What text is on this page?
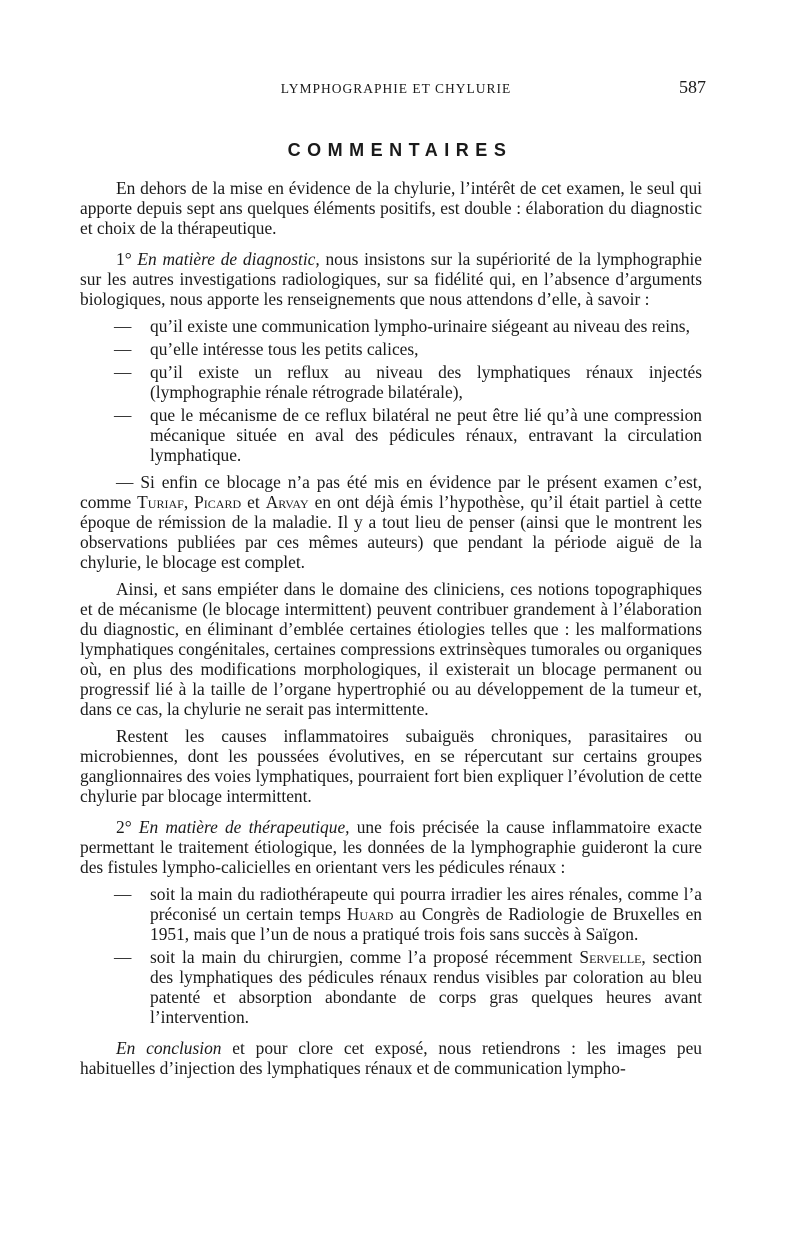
LYMPHOGRAPHIE ET CHYLURIE	587
COMMENTAIRES

En dehors de la mise en évidence de la chylurie, l’intérêt de cet examen, le seul qui apporte depuis sept ans quelques éléments positifs, est double : élaboration du diagnostic et choix de la thérapeutique.

1° En matière de diagnostic, nous insistons sur la supériorité de la lymphographie sur les autres investigations radiologiques, sur sa fidélité qui, en l’absence d’arguments biologiques, nous apporte les renseignements que nous attendons d’elle, à savoir :

— qu’il existe une communication lympho-urinaire siégeant au niveau des reins,
— qu’elle intéresse tous les petits calices,
— qu’il existe un reflux au niveau des lymphatiques rénaux injectés (lymphographie rénale rétrograde bilatérale),
— que le mécanisme de ce reflux bilatéral ne peut être lié qu’à une compression mécanique située en aval des pédicules rénaux, entravant la circulation lymphatique.

— Si enfin ce blocage n’a pas été mis en évidence par le présent examen c’est, comme Turiaf, Picard et Arvay en ont déjà émis l’hypothèse, qu’il était partiel à cette époque de rémission de la maladie. Il y a tout lieu de penser (ainsi que le montrent les observations publiées par ces mêmes auteurs) que pendant la période aiguë de la chylurie, le blocage est complet.

Ainsi, et sans empiéter dans le domaine des cliniciens, ces notions topographiques et de mécanisme (le blocage intermittent) peuvent contribuer grandement à l’élaboration du diagnostic, en éliminant d’emblée certaines étiologies telles que : les malformations lymphatiques congénitales, certaines compressions extrinsèques tumorales ou organiques où, en plus des modifications morphologiques, il existerait un blocage permanent ou progressif lié à la taille de l’organe hypertrophié ou au développement de la tumeur et, dans ce cas, la chylurie ne serait pas intermittente.

Restent les causes inflammatoires subaiguës chroniques, parasitaires ou microbiennes, dont les poussées évolutives, en se répercutant sur certains groupes ganglionnaires des voies lymphatiques, pourraient fort bien expliquer l’évolution de cette chylurie par blocage intermittent.

2° En matière de thérapeutique, une fois précisée la cause inflammatoire exacte permettant le traitement étiologique, les données de la lymphographie guideront la cure des fistules lympho-calicielles en orientant vers les pédicules rénaux :

— soit la main du radiothérapeute qui pourra irradier les aires rénales, comme l’a préconisé un certain temps Huard au Congrès de Radiologie de Bruxelles en 1951, mais que l’un de nous a pratiqué trois fois sans succès à Saïgon.
— soit la main du chirurgien, comme l’a proposé récemment Servelle, section des lymphatiques des pédicules rénaux rendus visibles par coloration au bleu patenté et absorption abondante de corps gras quelques heures avant l’intervention.

En conclusion et pour clore cet exposé, nous retiendrons : les images peu habituelles d’injection des lymphatiques rénaux et de communication lympho-
